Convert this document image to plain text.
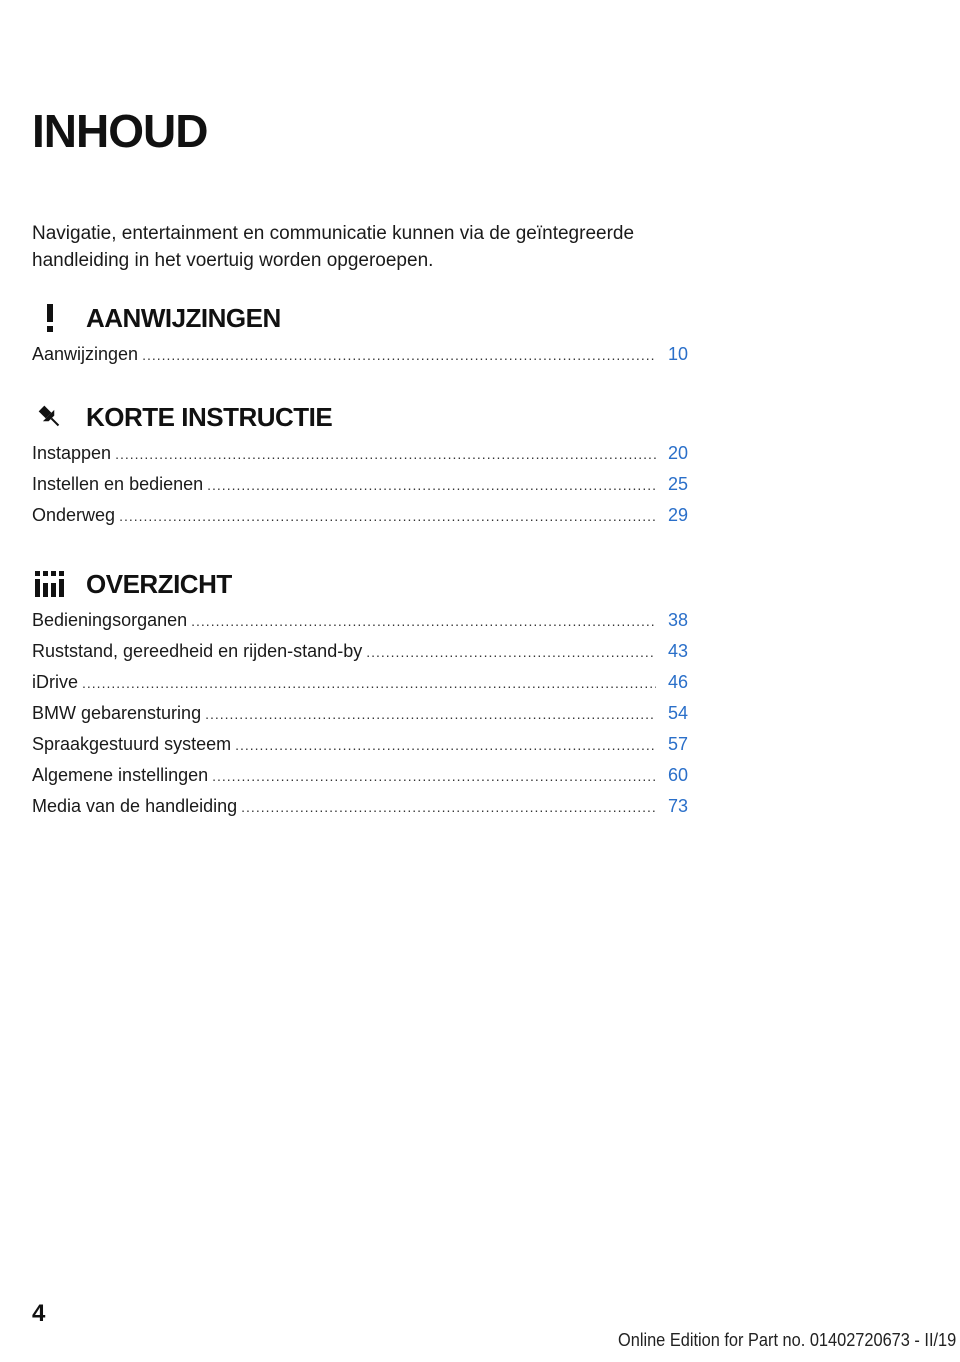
INHOUD

Navigatie, entertainment en communicatie kunnen via de geïntegreerde handleiding in het voertuig worden opgeroepen.

AANWIJZINGEN
Aanwijzingen .....	10
KORTE INSTRUCTIE
Instappen .....	20
Instellen en bedienen .....	25
Onderweg .....	29
OVERZICHT
Bedieningsorganen .....	38
Ruststand, gereedheid en rijden-stand-by .....	43
iDrive .....	46
BMW gebarensturing .....	54
Spraakgestuurd systeem .....	57
Algemene instellingen .....	60
Media van de handleiding .....	73
4
Online Edition for Part no. 01402720673 - II/19
